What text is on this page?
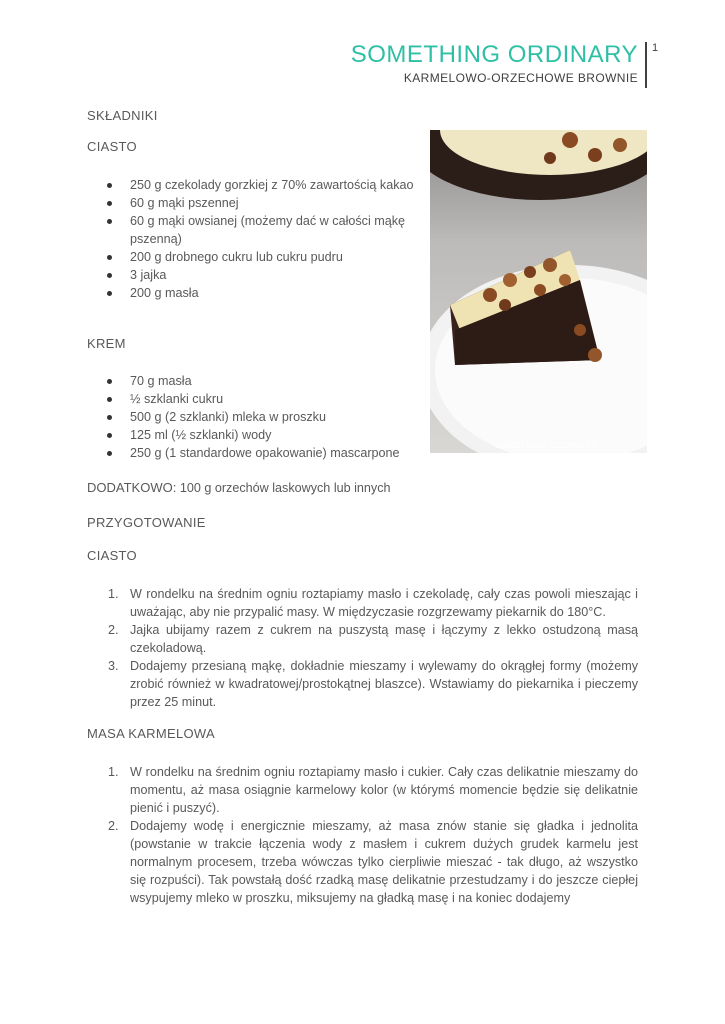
SOMETHING ORDINARY
KARMELOWO-ORZECHOWE BROWNIE
1
SOMETHING ORDINARY
SKŁADNIKI
CIASTO
250 g czekolady gorzkiej z 70% zawartością kakao
60 g mąki pszennej
60 g mąki owsianej (możemy dać w całości mąkę pszenną)
200 g drobnego cukru lub cukru pudru
3 jajka
200 g masła
KREM
70 g masła
½ szklanki cukru
500 g (2 szklanki) mleka w proszku
125 ml (½ szklanki) wody
250 g (1 standardowe opakowanie) mascarpone
DODATKOWO: 100 g orzechów laskowych lub innych
PRZYGOTOWANIE
CIASTO
1. W rondelku na średnim ogniu roztapiamy masło i czekoladę, cały czas powoli mieszając i uważając, aby nie przypalić masy. W międzyczasie rozgrzewamy piekarnik do 180°C.
2. Jajka ubijamy razem z cukrem na puszystą masę i łączymy z lekko ostudzoną masą czekoladową.
3. Dodajemy przesianą mąkę, dokładnie mieszamy i wylewamy do okrągłej formy (możemy zrobić również w kwadratowej/prostokątnej blaszce). Wstawiamy do piekarnika i pieczemy przez 25 minut.
MASA KARMELOWA
1. W rondelku na średnim ogniu roztapiamy masło i cukier. Cały czas delikatnie mieszamy do momentu, aż masa osiągnie karmelowy kolor (w którymś momencie będzie się delikatnie pienić i puszyć).
2. Dodajemy wodę i energicznie mieszamy, aż masa znów stanie się gładka i jednolita (powstanie w trakcie łączenia wody z masłem i cukrem dużych grudek karmelu jest normalnym procesem, trzeba wówczas tylko cierpliwie mieszać - tak długo, aż wszystko się rozpuści). Tak powstałą dość rzadką masę delikatnie przestudzamy i do jeszcze ciepłej wsypujemy mleko w proszku, miksujemy na gładką masę i na koniec dodajemy
